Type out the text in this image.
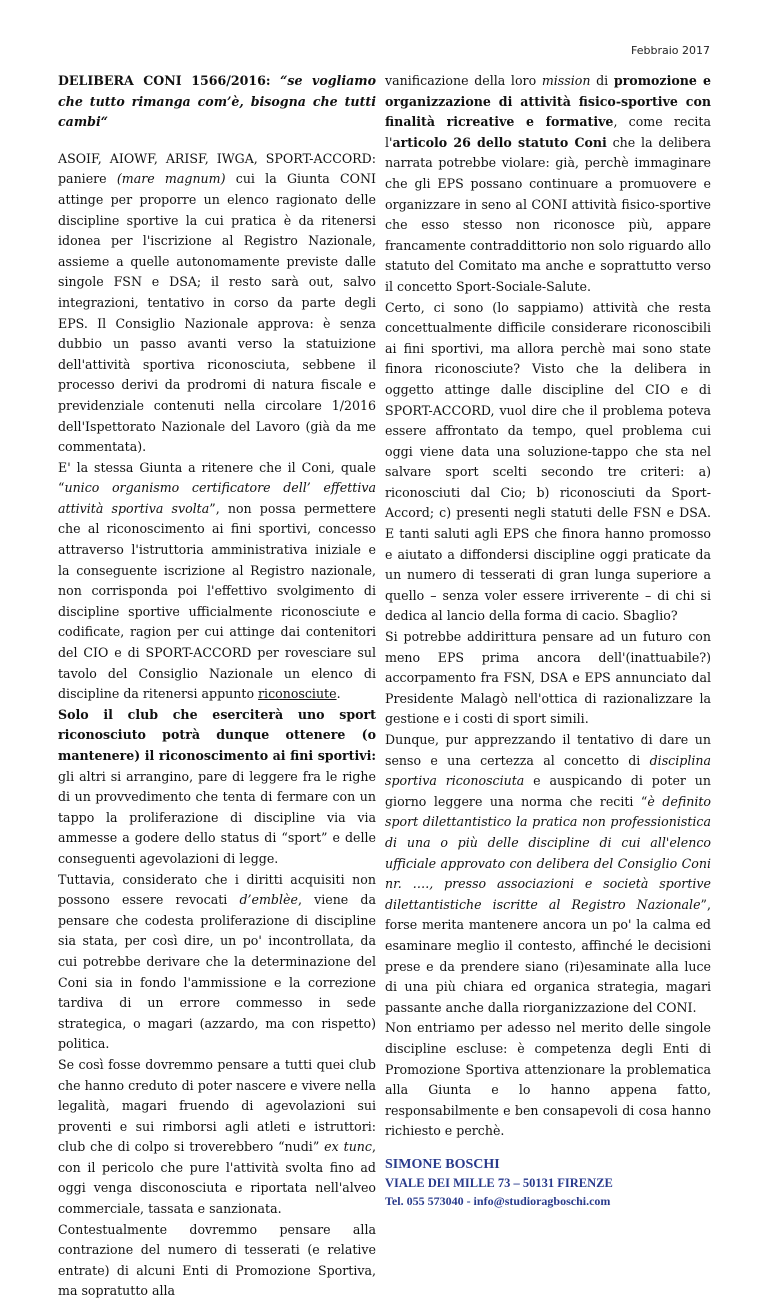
Febbraio 2017

DELIBERA CONI 1566/2016: “se vogliamo che tutto rimanga com’è, bisogna che tutti cambi“

ASOIF, AIOWF, ARISF, IWGA, SPORT-ACCORD: paniere (mare magnum) cui la Giunta CONI attinge per proporre un elenco ragionato delle discipline sportive la cui pratica è da ritenersi idonea per l'iscrizione al Registro Nazionale, assieme a quelle autonomamente previste dalle singole FSN e DSA; il resto sarà out, salvo integrazioni, tentativo in corso da parte degli EPS. Il Consiglio Nazionale approva: è senza dubbio un passo avanti verso la statuizione dell'attività sportiva riconosciuta, sebbene il processo derivi da prodromi di natura fiscale e previdenziale contenuti nella circolare 1/2016 dell'Ispettorato Nazionale del Lavoro (già da me commentata).

E' la stessa Giunta a ritenere che il Coni, quale “unico organismo certificatore dell’ effettiva attività sportiva svolta”, non possa permettere che al riconoscimento ai fini sportivi, concesso attraverso l'istruttoria amministrativa iniziale e la conseguente iscrizione al Registro nazionale, non corrisponda poi l'effettivo svolgimento di discipline sportive ufficialmente riconosciute e codificate, ragion per cui attinge dai contenitori del CIO e di SPORT-ACCORD per rovesciare sul tavolo del Consiglio Nazionale un elenco di discipline da ritenersi appunto riconosciute.

Solo il club che eserciterà uno sport riconosciuto potrà dunque ottenere (o mantenere) il riconoscimento ai fini sportivi: gli altri si arrangino, pare di leggere fra le righe di un provvedimento che tenta di fermare con un tappo la proliferazione di discipline via via ammesse a godere dello status di “sport” e delle conseguenti agevolazioni di legge.

Tuttavia, considerato che i diritti acquisiti non possono essere revocati d’emblèe, viene da pensare che codesta proliferazione di discipline sia stata, per così dire, un po' incontrollata, da cui potrebbe derivare che la determinazione del Coni sia in fondo l'ammissione e la correzione tardiva di un errore commesso in sede strategica, o magari (azzardo, ma con rispetto) politica.

Se così fosse dovremmo pensare a tutti quei club che hanno creduto di poter nascere e vivere nella legalità, magari fruendo di agevolazioni sui proventi e sui rimborsi agli atleti e istruttori: club che di colpo si troverebbero “nudi” ex tunc, con il pericolo che pure l'attività svolta fino ad oggi venga disconosciuta e riportata nell'alveo commerciale, tassata e sanzionata.

Contestualmente dovremmo pensare alla contrazione del numero di tesserati (e relative entrate) di alcuni Enti di Promozione Sportiva, ma sopratutto alla

vanificazione della loro mission di promozione e organizzazione di attività fisico-sportive con finalità ricreative e formative, come recita l'articolo 26 dello statuto Coni che la delibera narrata potrebbe violare: già, perchè immaginare che gli EPS possano continuare a promuovere e organizzare in seno al CONI attività fisico-sportive che esso stesso non riconosce più, appare francamente contraddittorio non solo riguardo allo statuto del Comitato ma anche e soprattutto verso il concetto Sport-Sociale-Salute.

Certo, ci sono (lo sappiamo) attività che resta concettualmente difficile considerare riconoscibili ai fini sportivi, ma allora perchè mai sono state finora riconosciute? Visto che la delibera in oggetto attinge dalle discipline del CIO e di SPORT-ACCORD, vuol dire che il problema poteva essere affrontato da tempo, quel problema cui oggi viene data una soluzione-tappo che sta nel salvare sport scelti secondo tre criteri: a) riconosciuti dal Cio; b) riconosciuti da Sport-Accord; c) presenti negli statuti delle FSN e DSA. E tanti saluti agli EPS che finora hanno promosso e aiutato a diffondersi discipline oggi praticate da un numero di tesserati di gran lunga superiore a quello – senza voler essere irriverente – di chi si dedica al lancio della forma di cacio. Sbaglio?

Si potrebbe addirittura pensare ad un futuro con meno EPS prima ancora dell'(inattuabile?) accorpamento fra FSN, DSA e EPS annunciato dal Presidente Malagò nell'ottica di razionalizzare la gestione e i costi di sport simili.

Dunque, pur apprezzando il tentativo di dare un senso e una certezza al concetto di disciplina sportiva riconosciuta e auspicando di poter un giorno leggere una norma che reciti “è definito sport dilettantistico la pratica non professionistica di una o più delle discipline di cui all'elenco ufficiale approvato con delibera del Consiglio Coni nr. …., presso associazioni e società sportive dilettantistiche iscritte al Registro Nazionale”, forse merita mantenere ancora un po' la calma ed esaminare meglio il contesto, affinché le decisioni prese e da prendere siano (ri)esaminate alla luce di una più chiara ed organica strategia, magari passante anche dalla riorganizzazione del CONI.

Non entriamo per adesso nel merito delle singole discipline escluse: è competenza degli Enti di Promozione Sportiva attenzionare la problematica alla Giunta e lo hanno appena fatto, responsabilmente e ben consapevoli di cosa hanno richiesto e perchè.

SIMONE BOSCHI
VIALE DEI MILLE 73 – 50131 FIRENZE
Tel. 055 573040 - info@studioragboschi.com
